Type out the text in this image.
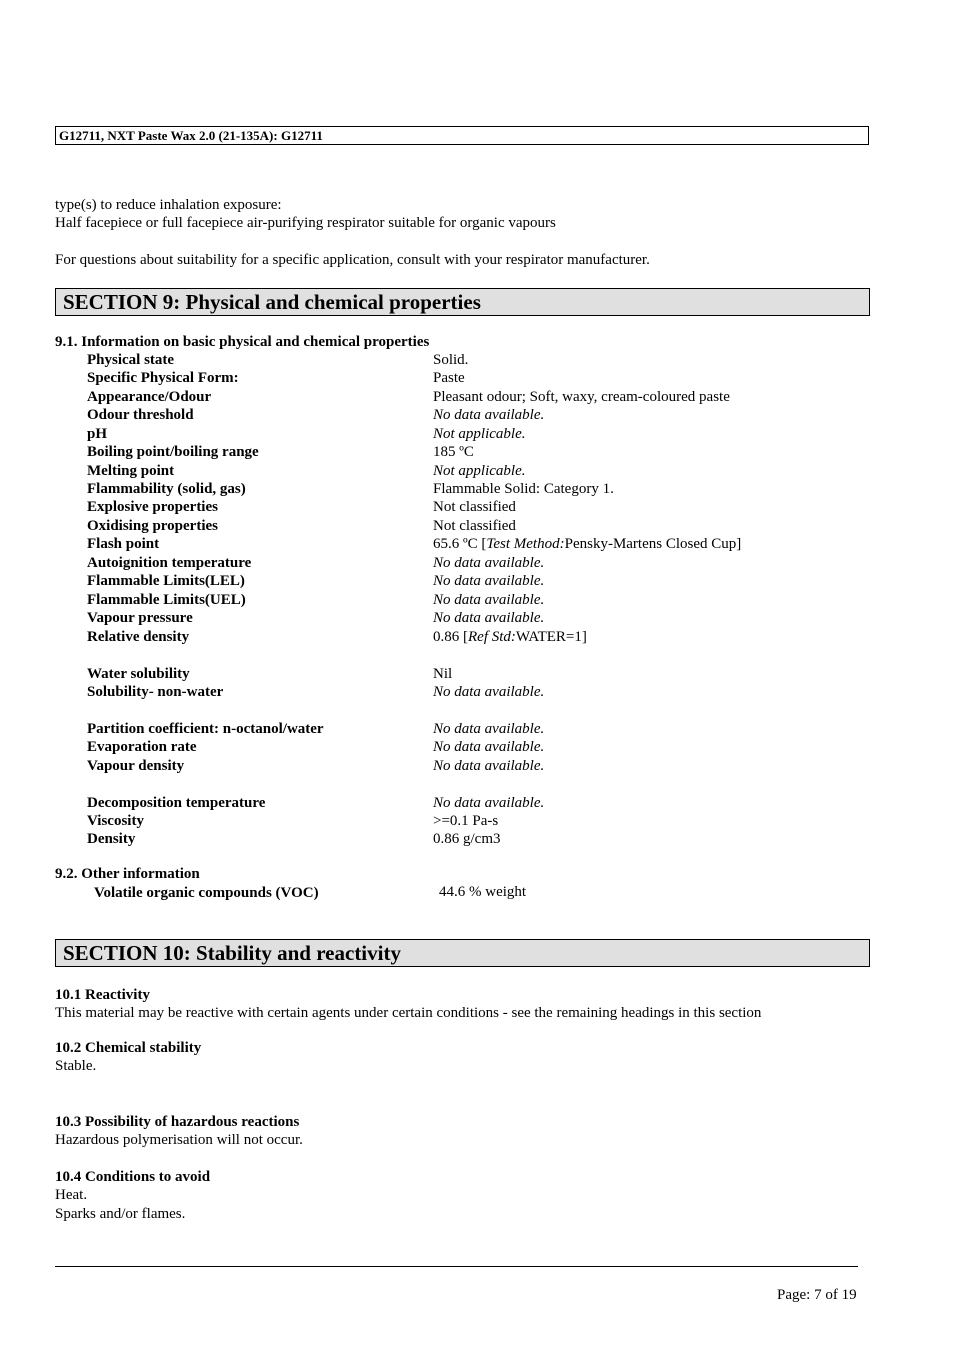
G12711, NXT Paste Wax 2.0 (21-135A): G12711
type(s) to reduce inhalation exposure:
Half facepiece or full facepiece air-purifying respirator suitable for organic vapours
For questions about suitability for a specific application, consult with your respirator manufacturer.
SECTION 9: Physical and chemical properties
9.1. Information on basic physical and chemical properties
Physical state	Solid.
Specific Physical Form:	Paste
Appearance/Odour	Pleasant odour; Soft, waxy, cream-coloured paste
Odour threshold	No data available.
pH	Not applicable.
Boiling point/boiling range	185 ºC
Melting point	Not applicable.
Flammability (solid, gas)	Flammable Solid: Category 1.
Explosive properties	Not classified
Oxidising properties	Not classified
Flash point	65.6 ºC [Test Method:Pensky-Martens Closed Cup]
Autoignition temperature	No data available.
Flammable Limits(LEL)	No data available.
Flammable Limits(UEL)	No data available.
Vapour pressure	No data available.
Relative density	0.86 [Ref Std:WATER=1]
Water solubility	Nil
Solubility- non-water	No data available.
Partition coefficient: n-octanol/water	No data available.
Evaporation rate	No data available.
Vapour density	No data available.
Decomposition temperature	No data available.
Viscosity	>=0.1 Pa-s
Density	0.86 g/cm3
9.2. Other information
Volatile organic compounds (VOC)	44.6 % weight
SECTION 10: Stability and reactivity
10.1 Reactivity
This material may be reactive with certain agents under certain conditions - see the remaining headings in this section
10.2 Chemical stability
Stable.
10.3 Possibility of hazardous reactions
Hazardous polymerisation will not occur.
10.4 Conditions to avoid
Heat.
Sparks and/or flames.
Page: 7 of 19
